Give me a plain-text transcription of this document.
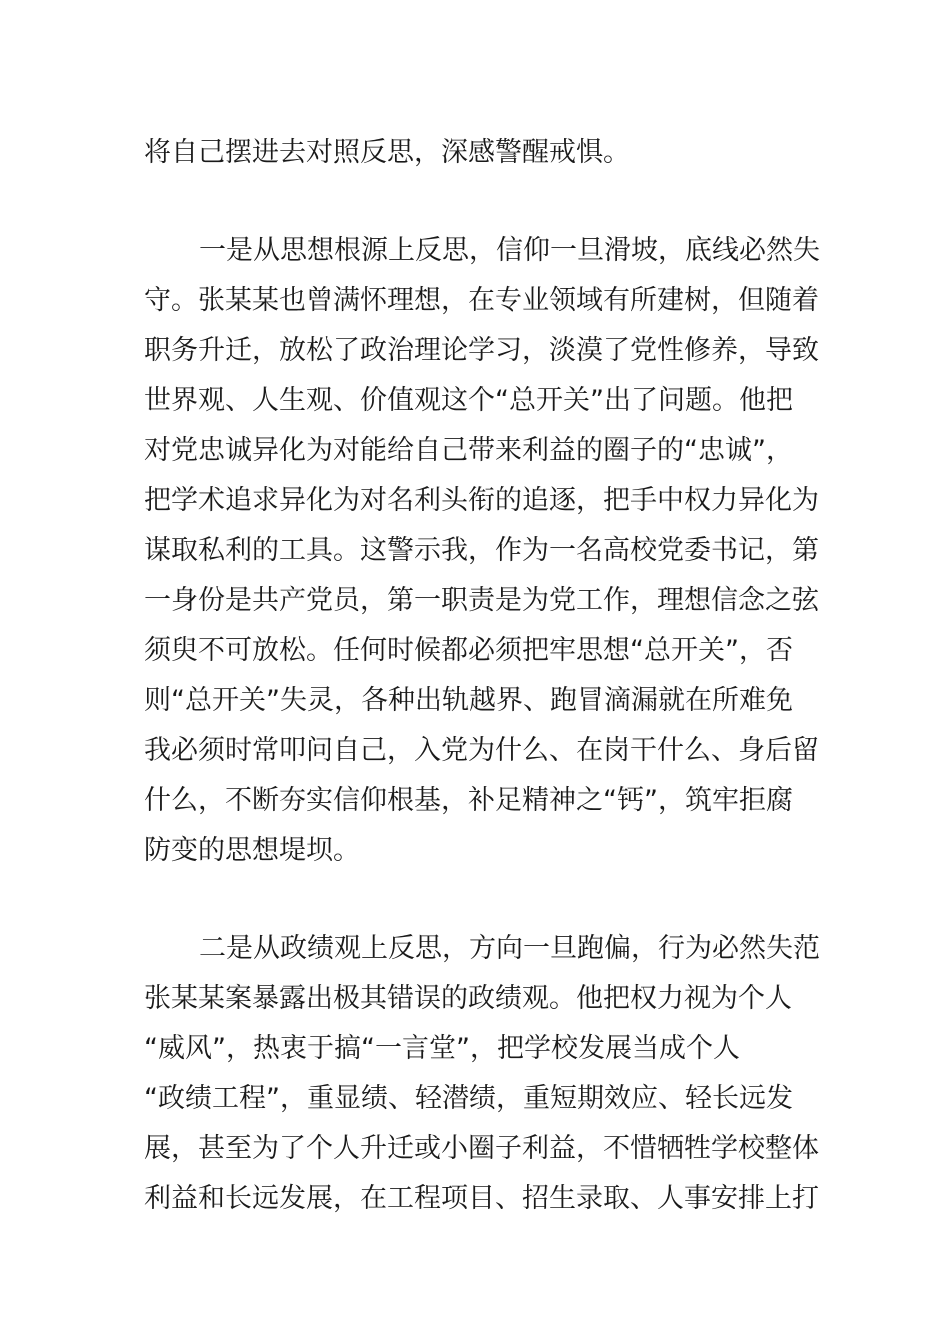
将自己摆进去对照反思，深感警醒戒惧。
一是从思想根源上反思，信仰一旦滑坡，底线必然失
守。张某某也曾满怀理想，在专业领域有所建树，但随着
职务升迁，放松了政治理论学习，淡漠了党性修养，导致
世界观、人生观、价值观这个“总开关”出了问题。他把
对党忠诚异化为对能给自己带来利益的圈子的“忠诚”，
把学术追求异化为对名利头衔的追逐，把手中权力异化为
谋取私利的工具。这警示我，作为一名高校党委书记，第
一身份是共产党员，第一职责是为党工作，理想信念之弦
须臾不可放松。任何时候都必须把牢思想“总开关”，否
则“总开关”失灵，各种出轨越界、跑冒滴漏就在所难免
我必须时常叩问自己，入党为什么、在岗干什么、身后留
什么，不断夯实信仰根基，补足精神之“钙”，筑牢拒腐
防变的思想堤坝。
二是从政绩观上反思，方向一旦跑偏，行为必然失范
张某某案暴露出极其错误的政绩观。他把权力视为个人
“威风”，热衷于搞“一言堂”，把学校发展当成个人
“政绩工程”，重显绩、轻潜绩，重短期效应、轻长远发
展，甚至为了个人升迁或小圈子利益，不惜牺牲学校整体
利益和长远发展，在工程项目、招生录取、人事安排上打
